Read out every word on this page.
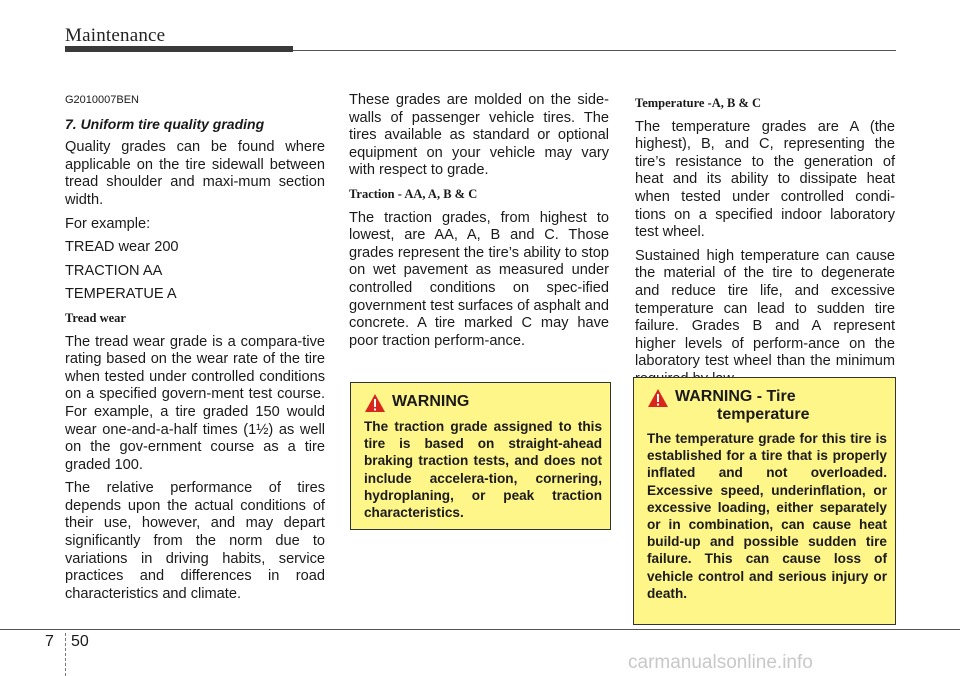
Maintenance

G2010007BEN

7. Uniform tire quality grading

Quality grades can be found where applicable on the tire sidewall between tread shoulder and maxi-mum section width.

For example:

TREAD wear 200

TRACTION AA

TEMPERATUE A

Tread wear

The tread wear grade is a compara-tive rating based on the wear rate of the tire when tested under controlled conditions on a specified govern-ment test course. For example, a tire graded 150 would wear one-and-a-half times (1½) as well on the gov-ernment course as a tire graded 100.

The relative performance of tires depends upon the actual conditions of their use, however, and may depart significantly from the norm due to variations in driving habits, service practices and differences in road characteristics and climate.

These grades are molded on the side-walls of passenger vehicle tires. The tires available as standard or optional equipment on your vehicle may vary with respect to grade.

Traction - AA, A, B & C

The traction grades, from highest to lowest, are AA, A, B and C. Those grades represent the tire’s ability to stop on wet pavement as measured under controlled conditions on spec-ified government test surfaces of asphalt and concrete. A tire marked C may have poor traction perform-ance.

Temperature -A, B & C

The temperature grades are A (the highest), B, and C, representing the tire’s resistance to the generation of heat and its ability to dissipate heat when tested under controlled condi-tions on a specified indoor laboratory test wheel.

Sustained high temperature can cause the material of the tire to degenerate and reduce tire life, and excessive temperature can lead to sudden tire failure. Grades B and A represent higher levels of perform-ance on the laboratory test wheel than the minimum

WARNING
The traction grade assigned to this tire is based on straight-ahead braking traction tests, and does not include accelera-tion, cornering, hydroplaning, or peak traction characteristics.
WARNING - Tire
temperature
The temperature grade for this tire is established for a tire that is properly inflated and not overloaded. Excessive speed, underinflation, or excessive loading, either separately or in combination, can cause heat build-up and possible sudden tire failure. This can cause loss of vehicle control and serious injury or death.
7 50
carmanualsonline.info
